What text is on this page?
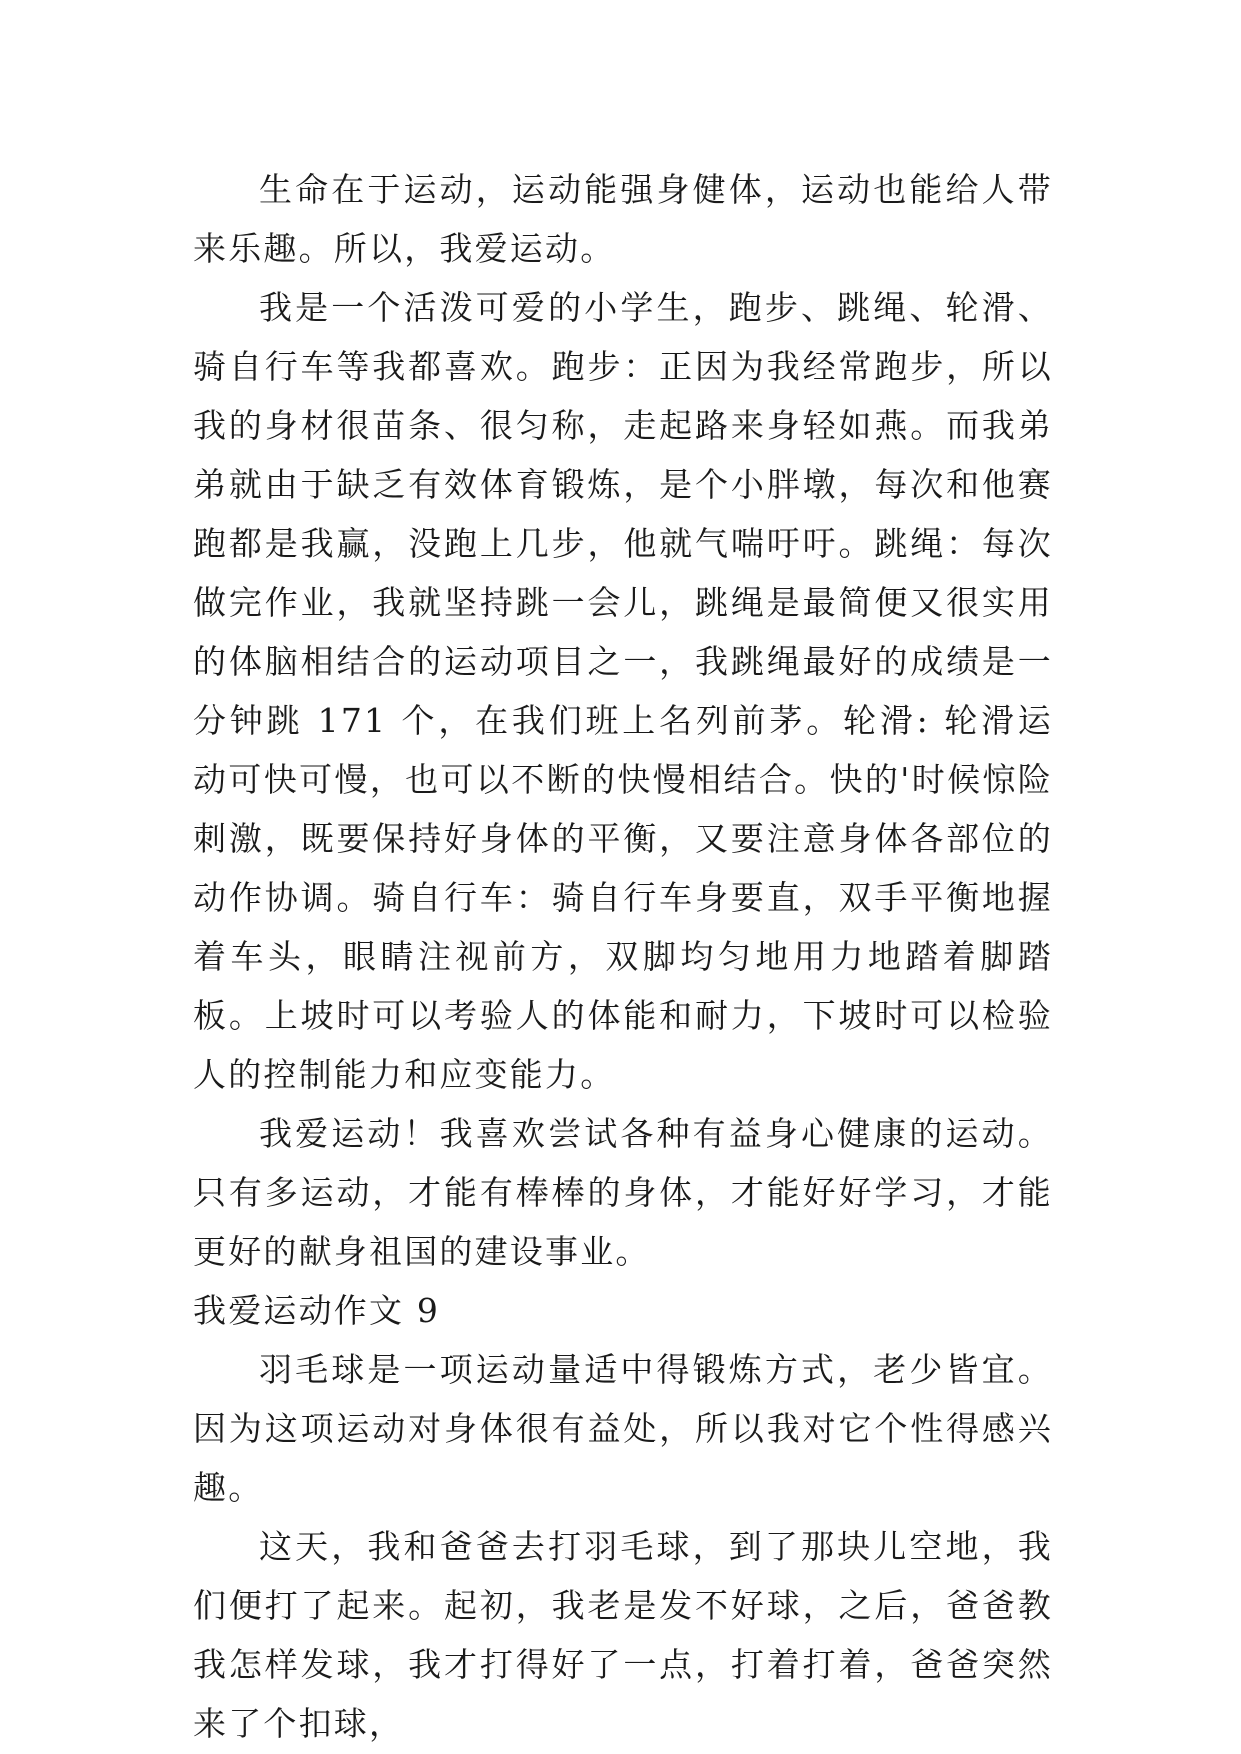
生命在于运动，运动能强身健体，运动也能给人带来乐趣。所以，我爱运动。

我是一个活泼可爱的小学生，跑步、跳绳、轮滑、骑自行车等我都喜欢。跑步：正因为我经常跑步，所以我的身材很苗条、很匀称，走起路来身轻如燕。而我弟弟就由于缺乏有效体育锻炼，是个小胖墩，每次和他赛跑都是我赢，没跑上几步，他就气喘吁吁。跳绳：每次做完作业，我就坚持跳一会儿，跳绳是最简便又很实用的体脑相结合的运动项目之一，我跳绳最好的成绩是一分钟跳 171 个，在我们班上名列前茅。轮滑: 轮滑运动可快可慢，也可以不断的快慢相结合。快的'时候惊险刺激，既要保持好身体的平衡，又要注意身体各部位的动作协调。骑自行车：骑自行车身要直，双手平衡地握着车头，眼睛注视前方，双脚均匀地用力地踏着脚踏板。上坡时可以考验人的体能和耐力，下坡时可以检验人的控制能力和应变能力。

我爱运动！我喜欢尝试各种有益身心健康的运动。只有多运动，才能有棒棒的身体，才能好好学习，才能更好的献身祖国的建设事业。

我爱运动作文 9

羽毛球是一项运动量适中得锻炼方式，老少皆宜。因为这项运动对身体很有益处，所以我对它个性得感兴趣。

这天，我和爸爸去打羽毛球，到了那块儿空地，我们便打了起来。起初，我老是发不好球，之后，爸爸教我怎样发球，我才打得好了一点，打着打着，爸爸突然来了个扣球，
